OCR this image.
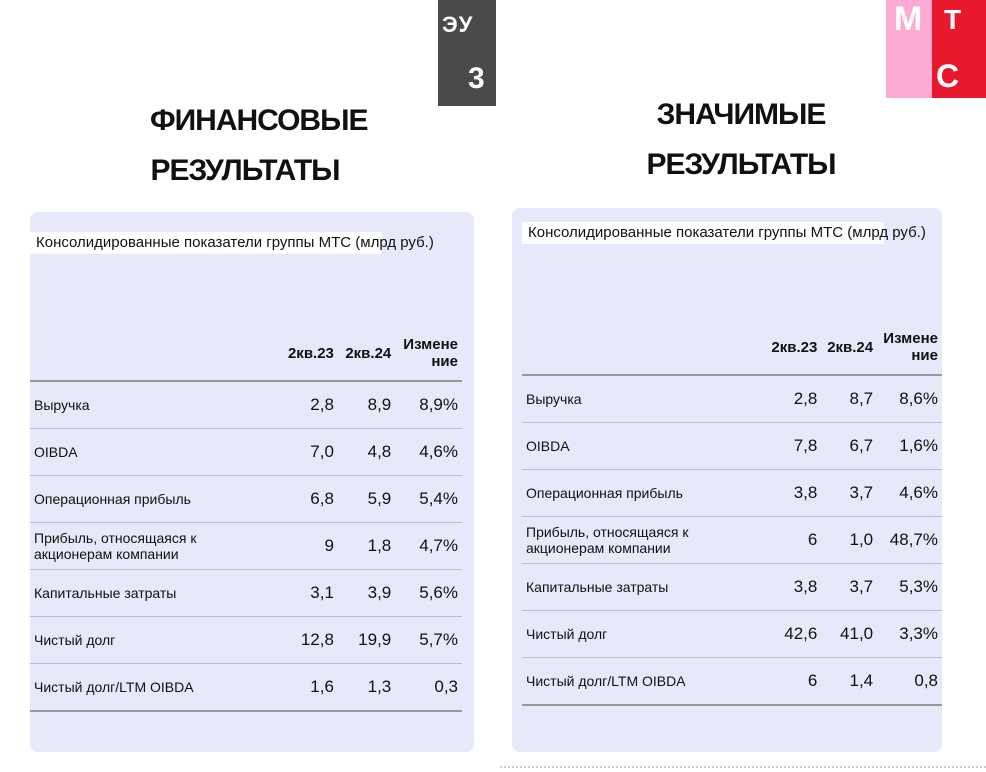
ЭУ
3
М Т
С
ФИНАНСОВЫЕ
РЕЗУЛЬТАТЫ
ЗНАЧИМЫЕ
РЕЗУЛЬТАТЫ
Консолидированные показатели группы МТС (млрд руб.)
	2кв.23	2кв.24	Измене
ние
Выручка	2,8	8,9	8,9%
OIBDA	7,0	4,8	4,6%
Операционная прибыль	6,8	5,9	5,4%
Прибыль, относящаяся к акционерам компании	9	1,8	4,7%
Капитальные затраты	3,1	3,9	5,6%
Чистый долг	12,8	19,9	5,7%
Чистый долг/LTM OIBDA	1,6	1,3	0,3
Консолидированные показатели группы МТС (млрд руб.)
	2кв.23	2кв.24	Измене
ние
Выручка	2,8	8,7	8,6%
OIBDA	7,8	6,7	1,6%
Операционная прибыль	3,8	3,7	4,6%
Прибыль, относящаяся к акционерам компании	6	1,0	48,7%
Капитальные затраты	3,8	3,7	5,3%
Чистый долг	42,6	41,0	3,3%
Чистый долг/LTM OIBDA	6	1,4	0,8
